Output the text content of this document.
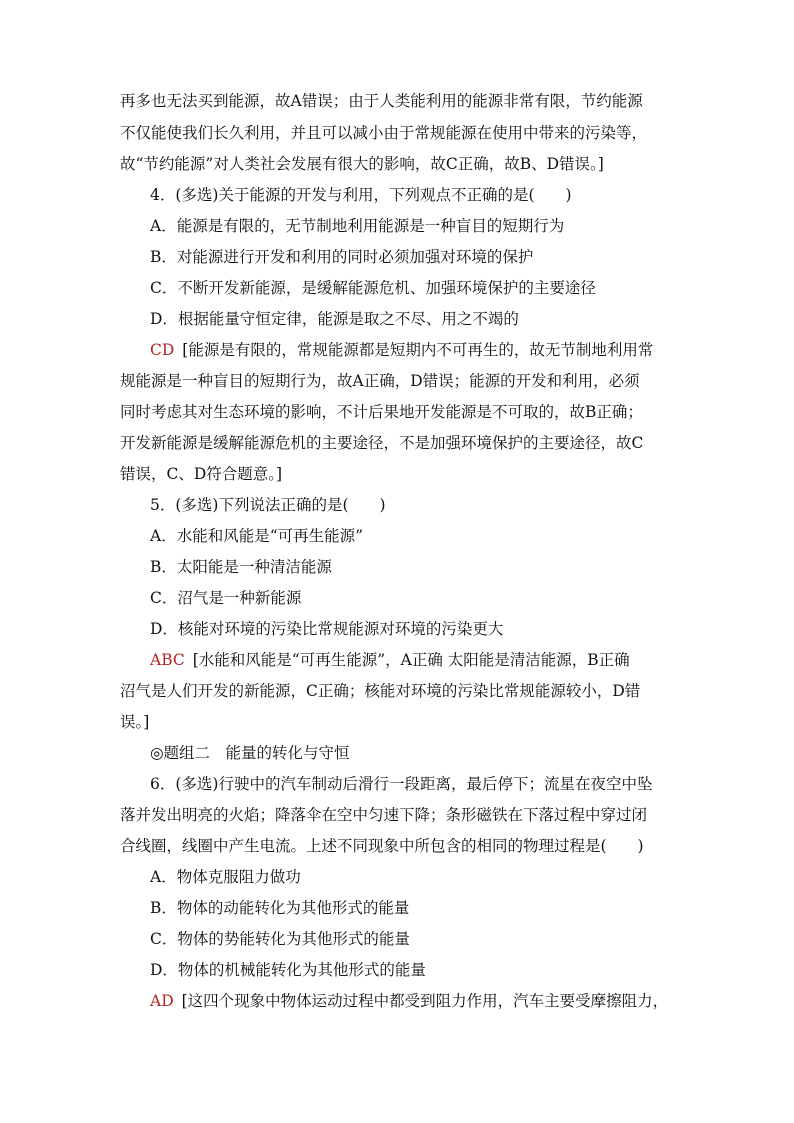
再多也无法买到能源，故A错误；由于人类能利用的能源非常有限，节约能源
不仅能使我们长久利用，并且可以减小由于常规能源在使用中带来的污染等，
故“节约能源”对人类社会发展有很大的影响，故C正确，故B、D错误。]
4．(多选)关于能源的开发与利用，下列观点不正确的是(　　)
A．能源是有限的，无节制地利用能源是一种盲目的短期行为
B．对能源进行开发和利用的同时必须加强对环境的保护
C．不断开发新能源，是缓解能源危机、加强环境保护的主要途径
D．根据能量守恒定律，能源是取之不尽、用之不竭的
CD [能源是有限的，常规能源都是短期内不可再生的，故无节制地利用常
规能源是一种盲目的短期行为，故A正确，D错误；能源的开发和利用，必须
同时考虑其对生态环境的影响，不计后果地开发能源是不可取的，故B正确；
开发新能源是缓解能源危机的主要途径，不是加强环境保护的主要途径，故C
错误，C、D符合题意。]
5．(多选)下列说法正确的是(　　)
A．水能和风能是“可再生能源”
B．太阳能是一种清洁能源
C．沼气是一种新能源
D．核能对环境的污染比常规能源对环境的污染更大
ABC [水能和风能是“可再生能源”，A正确 太阳能是清洁能源，B正确
沼气是人们开发的新能源，C正确；核能对环境的污染比常规能源较小，D错
误。]
◎题组二　能量的转化与守恒
6．(多选)行驶中的汽车制动后滑行一段距离，最后停下；流星在夜空中坠
落并发出明亮的火焰；降落伞在空中匀速下降；条形磁铁在下落过程中穿过闭
合线圈，线圈中产生电流。上述不同现象中所包含的相同的物理过程是(　　)
A．物体克服阻力做功
B．物体的动能转化为其他形式的能量
C．物体的势能转化为其他形式的能量
D．物体的机械能转化为其他形式的能量
AD [这四个现象中物体运动过程中都受到阻力作用，汽车主要受摩擦阻力，
